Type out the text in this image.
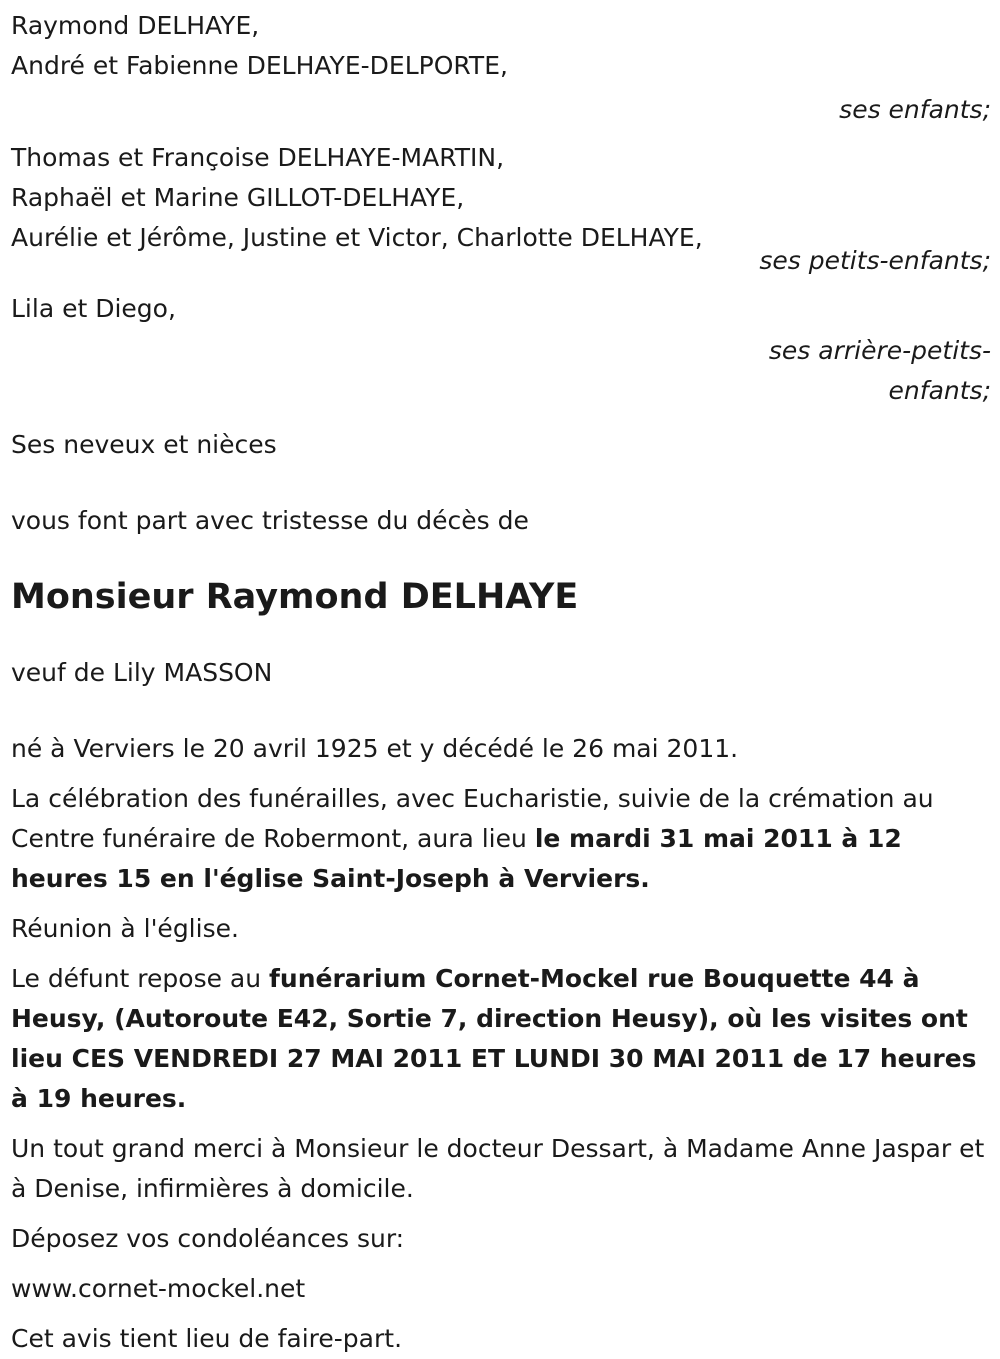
Raymond DELHAYE,
André et Fabienne DELHAYE-DELPORTE,
ses enfants;
Thomas et Françoise DELHAYE-MARTIN,
Raphaël et Marine GILLOT-DELHAYE,
Aurélie et Jérôme, Justine et Victor, Charlotte DELHAYE,
ses petits-enfants;
Lila et Diego,
ses arrière-petits-
enfants;
Ses neveux et nièces
vous font part avec tristesse du décès de
Monsieur Raymond DELHAYE
veuf de Lily MASSON
né à Verviers le 20 avril 1925 et y décédé le 26 mai 2011.
La célébration des funérailles, avec Eucharistie, suivie de la crémation au Centre funéraire de Robermont, aura lieu le mardi 31 mai 2011 à 12 heures 15 en l'église Saint-Joseph à Verviers.
Réunion à l'église.
Le défunt repose au funérarium Cornet-Mockel rue Bouquette 44 à Heusy, (Autoroute E42, Sortie 7, direction Heusy), où les visites ont lieu CES VENDREDI 27 MAI 2011 ET LUNDI 30 MAI 2011 de 17 heures à 19 heures.
Un tout grand merci à Monsieur le docteur Dessart, à Madame Anne Jaspar et à Denise, infirmières à domicile.
Déposez vos condoléances sur:
www.cornet-mockel.net
Cet avis tient lieu de faire-part.
